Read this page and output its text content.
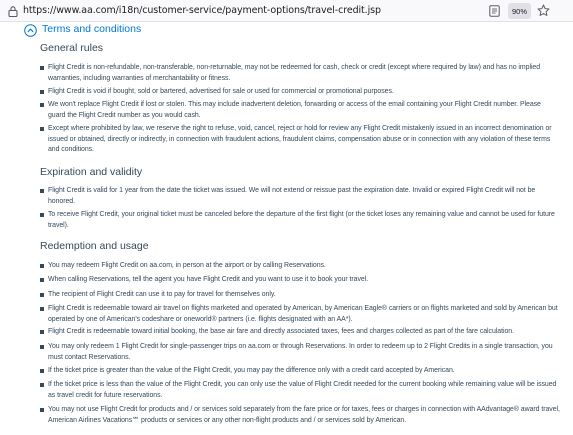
https://www.aa.com/i18n/customer-service/payment-options/travel-credit.jsp	90%
Terms and conditions
General rules
Flight Credit is non-refundable, non-transferable, non-returnable, may not be redeemed for cash, check or credit (except where required by law) and has no implied warranties, including warranties of merchantability or fitness.
Flight Credit is void if bought, sold or bartered, advertised for sale or used for commercial or promotional purposes.
We won't replace Flight Credit if lost or stolen. This may include inadvertent deletion, forwarding or access of the email containing your Flight Credit number. Please guard the Flight Credit number as you would cash.
Except where prohibited by law, we reserve the right to refuse, void, cancel, reject or hold for review any Flight Credit mistakenly issued in an incorrect denomination or issued or obtained, directly or indirectly, in connection with fraudulent actions, fraudulent claims, compensation abuse or in connection with any violation of these terms and conditions.
Expiration and validity
Flight Credit is valid for 1 year from the date the ticket was issued. We will not extend or reissue past the expiration date. Invalid or expired Flight Credit will not be honored.
To receive Flight Credit, your original ticket must be canceled before the departure of the first flight (or the ticket loses any remaining value and cannot be used for future travel).
Redemption and usage
You may redeem Flight Credit on aa.com, in person at the airport or by calling Reservations.
When calling Reservations, tell the agent you have Flight Credit and you want to use it to book your travel.
The recipient of Flight Credit can use it to pay for travel for themselves only.
Flight Credit is redeemable toward air travel on flights marketed and operated by American, by American Eagle® carriers or on flights marketed and sold by American but operated by one of American's codeshare or oneworld® partners (i.e. flights designated with an AA*).
Flight Credit is redeemable toward initial booking, the base air fare and directly associated taxes, fees and charges collected as part of the fare calculation.
You may only redeem 1 Flight Credit for single-passenger trips on aa.com or through Reservations. In order to redeem up to 2 Flight Credits in a single transaction, you must contact Reservations.
If the ticket price is greater than the value of the Flight Credit, you may pay the difference only with a credit card accepted by American.
If the ticket price is less than the value of the Flight Credit, you can only use the value of Flight Credit needed for the current booking while remaining value will be issued as travel credit for future reservations.
You may not use Flight Credit for products and / or services sold separately from the fare price or for taxes, fees or charges in connection with AAdvantage® award travel, American Airlines Vacations℠ products or services or any other non-flight products and / or services sold by American.
